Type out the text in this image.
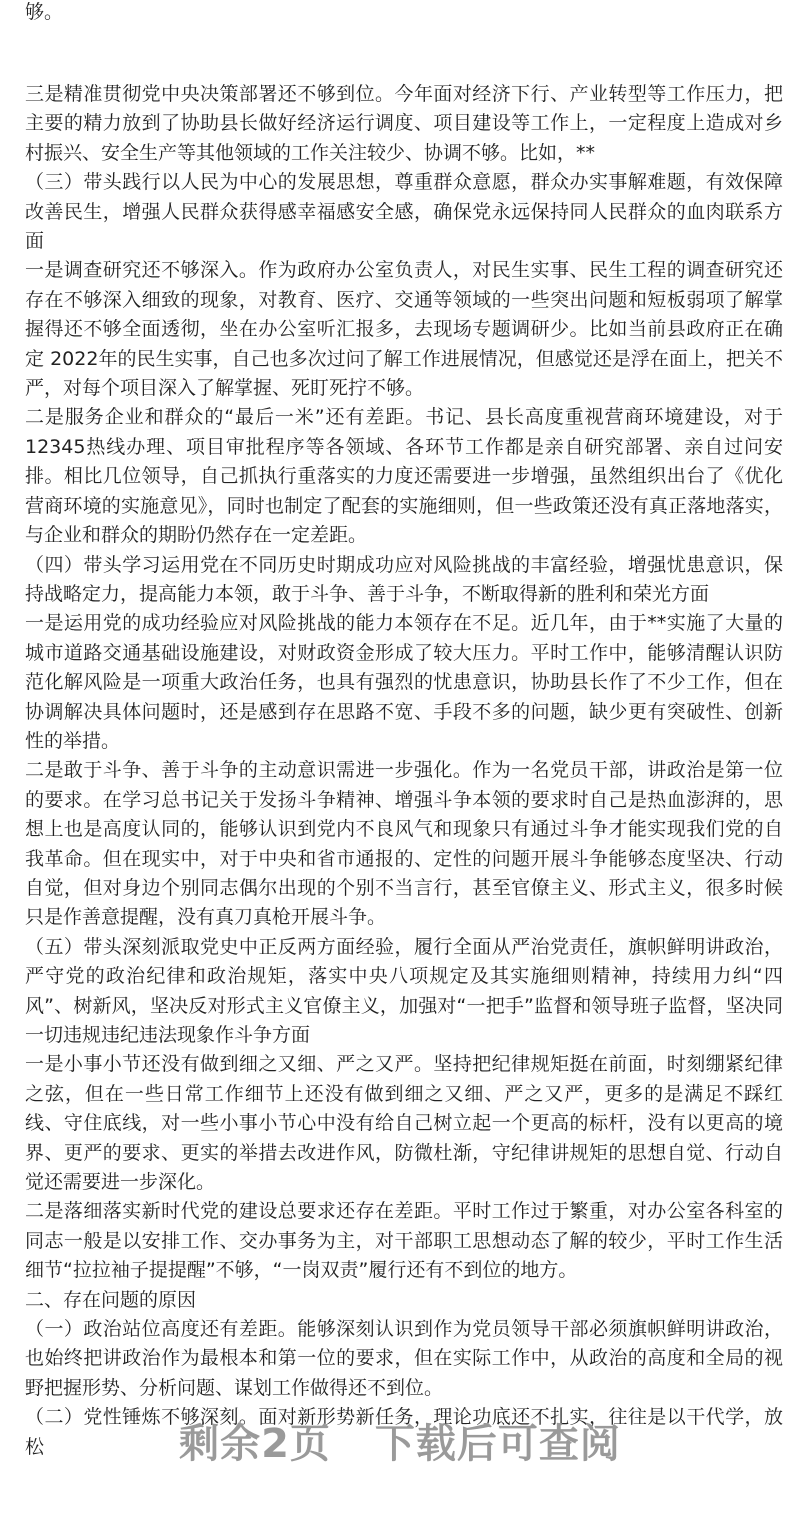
够。

三是精准贯彻党中央决策部署还不够到位。今年面对经济下行、产业转型等工作压力，把主要的精力放到了协助县长做好经济运行调度、项目建设等工作上，一定程度上造成对乡村振兴、安全生产等其他领域的工作关注较少、协调不够。比如，**

（三）带头践行以人民为中心的发展思想，尊重群众意愿，群众办实事解难题，有效保障改善民生，增强人民群众获得感幸福感安全感，确保党永远保持同人民群众的血肉联系方面

一是调查研究还不够深入。作为政府办公室负责人，对民生实事、民生工程的调查研究还存在不够深入细致的现象，对教育、医疗、交通等领域的一些突出问题和短板弱项了解掌握得还不够全面透彻，坐在办公室听汇报多，去现场专题调研少。比如当前县政府正在确定 2022年的民生实事，自己也多次过问了解工作进展情况，但感觉还是浮在面上，把关不严，对每个项目深入了解掌握、死盯死拧不够。

二是服务企业和群众的“最后一米”还有差距。书记、县长高度重视营商环境建设，对于 12345热线办理、项目审批程序等各领域、各环节工作都是亲自研究部署、亲自过问安排。相比几位领导，自己抓执行重落实的力度还需要进一步增强，虽然组织出台了《优化营商环境的实施意见》，同时也制定了配套的实施细则，但一些政策还没有真正落地落实，与企业和群众的期盼仍然存在一定差距。

（四）带头学习运用党在不同历史时期成功应对风险挑战的丰富经验，增强忧患意识，保持战略定力，提高能力本领，敢于斗争、善于斗争，不断取得新的胜利和荣光方面

一是运用党的成功经验应对风险挑战的能力本领存在不足。近几年，由于**实施了大量的城市道路交通基础设施建设，对财政资金形成了较大压力。平时工作中，能够清醒认识防范化解风险是一项重大政治任务，也具有强烈的忧患意识，协助县长作了不少工作，但在协调解决具体问题时，还是感到存在思路不宽、手段不多的问题，缺少更有突破性、创新性的举措。

二是敢于斗争、善于斗争的主动意识需进一步强化。作为一名党员干部，讲政治是第一位的要求。在学习总书记关于发扬斗争精神、增强斗争本领的要求时自己是热血澎湃的，思想上也是高度认同的，能够认识到党内不良风气和现象只有通过斗争才能实现我们党的自我革命。但在现实中，对于中央和省市通报的、定性的问题开展斗争能够态度坚决、行动自觉，但对身边个别同志偶尔出现的个别不当言行，甚至官僚主义、形式主义，很多时候只是作善意提醒，没有真刀真枪开展斗争。

（五）带头深刻派取党史中正反两方面经验，履行全面从严治党责任，旗帜鲜明讲政治，严守党的政治纪律和政治规矩，落实中央八项规定及其实施细则精神，持续用力纠“四风”、树新风，坚决反对形式主义官僚主义，加强对“一把手”监督和领导班子监督，坚决同一切违规违纪违法现象作斗争方面

一是小事小节还没有做到细之又细、严之又严。坚持把纪律规矩挺在前面，时刻绷紧纪律之弦，但在一些日常工作细节上还没有做到细之又细、严之又严，更多的是满足不踩红线、守住底线，对一些小事小节心中没有给自己树立起一个更高的标杆，没有以更高的境界、更严的要求、更实的举措去改进作风，防微杜渐，守纪律讲规矩的思想自觉、行动自觉还需要进一步深化。

二是落细落实新时代党的建设总要求还存在差距。平时工作过于繁重，对办公室各科室的同志一般是以安排工作、交办事务为主，对干部职工思想动态了解的较少，平时工作生活细节“拉拉袖子提提醒”不够，“一岗双责”履行还有不到位的地方。

二、存在问题的原因

（一）政治站位高度还有差距。能够深刻认识到作为党员领导干部必须旗帜鲜明讲政治，也始终把讲政治作为最根本和第一位的要求，但在实际工作中，从政治的高度和全局的视野把握形势、分析问题、谋划工作做得还不到位。

（二）党性锤炼不够深刻。面对新形势新任务，理论功底还不扎实，往往是以干代学，放松	剩余2页 下载后可查阅
